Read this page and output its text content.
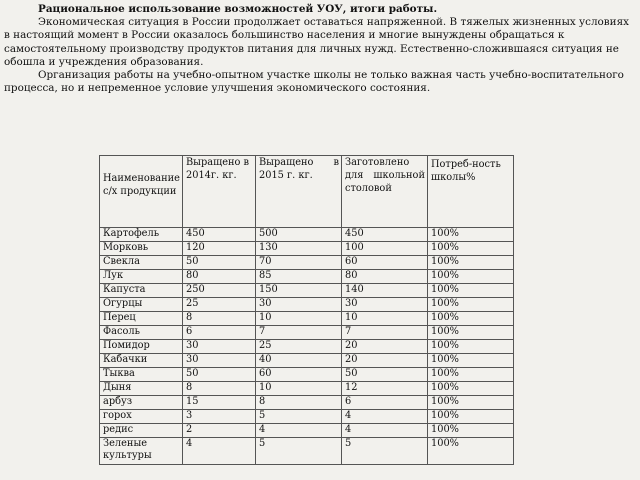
Рациональное использование возможностей УОУ, итоги работы.

Экономическая ситуация в России продолжает оставаться напряженной. В тяжелых жизненных условиях в настоящий момент в России оказалось большинство населения и многие вынуждены обращаться к самостоятельному производству продуктов питания для личных нужд. Естественно-сложившаяся ситуация не обошла и учреждения образования.

Организация работы на учебно-опытном участке школы не только важная часть учебно-воспитательного процесса, но и непременное условие улучшения экономического состояния.

Наименование с/х продукции	Выращено в 2014г. кг.	Выращено в 2015 г. кг.	Заготовлено для школьной столовой	Потреб-ность школы%
Картофель	450	500	450	100%
Морковь	120	130	100	100%
Свекла	50	70	60	100%
Лук	80	85	80	100%
Капуста	250	150	140	100%
Огурцы	25	30	30	100%
Перец	8	10	10	100%
Фасоль	6	7	7	100%
Помидор	30	25	20	100%
Кабачки	30	40	20	100%
Тыква	50	60	50	100%
Дыня	8	10	12	100%
арбуз	15	8	6	100%
горох	3	5	4	100%
редис	2	4	4	100%
Зеленые культуры	4	5	5	100%
